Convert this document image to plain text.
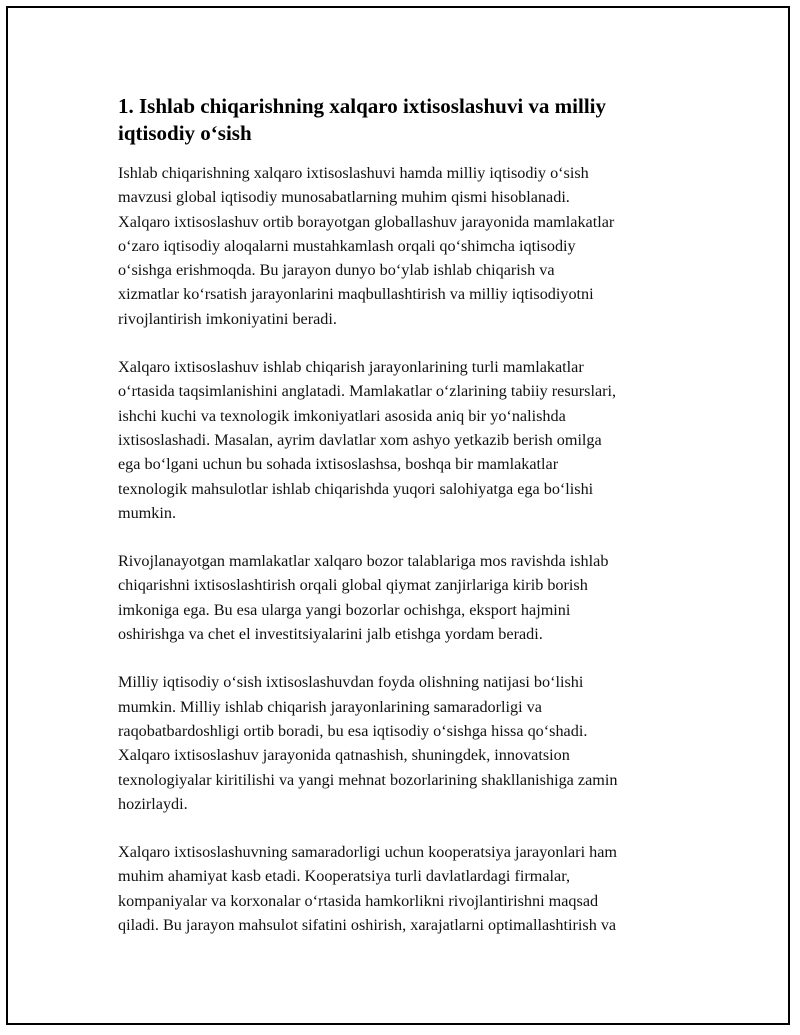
1. Ishlab chiqarishning xalqaro ixtisoslashuvi va milliy
iqtisodiy o‘sish

Ishlab chiqarishning xalqaro ixtisoslashuvi hamda milliy iqtisodiy o‘sish
mavzusi global iqtisodiy munosabatlarning muhim qismi hisoblanadi.
Xalqaro ixtisoslashuv ortib borayotgan globallashuv jarayonida mamlakatlar
o‘zaro iqtisodiy aloqalarni mustahkamlash orqali qo‘shimcha iqtisodiy
o‘sishga erishmoqda. Bu jarayon dunyo bo‘ylab ishlab chiqarish va
xizmatlar ko‘rsatish jarayonlarini maqbullashtirish va milliy iqtisodiyotni
rivojlantirish imkoniyatini beradi.

Xalqaro ixtisoslashuv ishlab chiqarish jarayonlarining turli mamlakatlar
o‘rtasida taqsimlanishini anglatadi. Mamlakatlar o‘zlarining tabiiy resurslari,
ishchi kuchi va texnologik imkoniyatlari asosida aniq bir yo‘nalishda
ixtisoslashadi. Masalan, ayrim davlatlar xom ashyo yetkazib berish omilga
ega bo‘lgani uchun bu sohada ixtisoslashsa, boshqa bir mamlakatlar
texnologik mahsulotlar ishlab chiqarishda yuqori salohiyatga ega bo‘lishi
mumkin.

Rivojlanayotgan mamlakatlar xalqaro bozor talablariga mos ravishda ishlab
chiqarishni ixtisoslashtirish orqali global qiymat zanjirlariga kirib borish
imkoniga ega. Bu esa ularga yangi bozorlar ochishga, eksport hajmini
oshirishga va chet el investitsiyalarini jalb etishga yordam beradi.

Milliy iqtisodiy o‘sish ixtisoslashuvdan foyda olishning natijasi bo‘lishi
mumkin. Milliy ishlab chiqarish jarayonlarining samaradorligi va
raqobatbardoshligi ortib boradi, bu esa iqtisodiy o‘sishga hissa qo‘shadi.
Xalqaro ixtisoslashuv jarayonida qatnashish, shuningdek, innovatsion
texnologiyalar kiritilishi va yangi mehnat bozorlarining shakllanishiga zamin
hozirlaydi.

Xalqaro ixtisoslashuvning samaradorligi uchun kooperatsiya jarayonlari ham
muhim ahamiyat kasb etadi. Kooperatsiya turli davlatlardagi firmalar,
kompaniyalar va korxonalar o‘rtasida hamkorlikni rivojlantirishni maqsad
qiladi. Bu jarayon mahsulot sifatini oshirish, xarajatlarni optimallashtirish va
